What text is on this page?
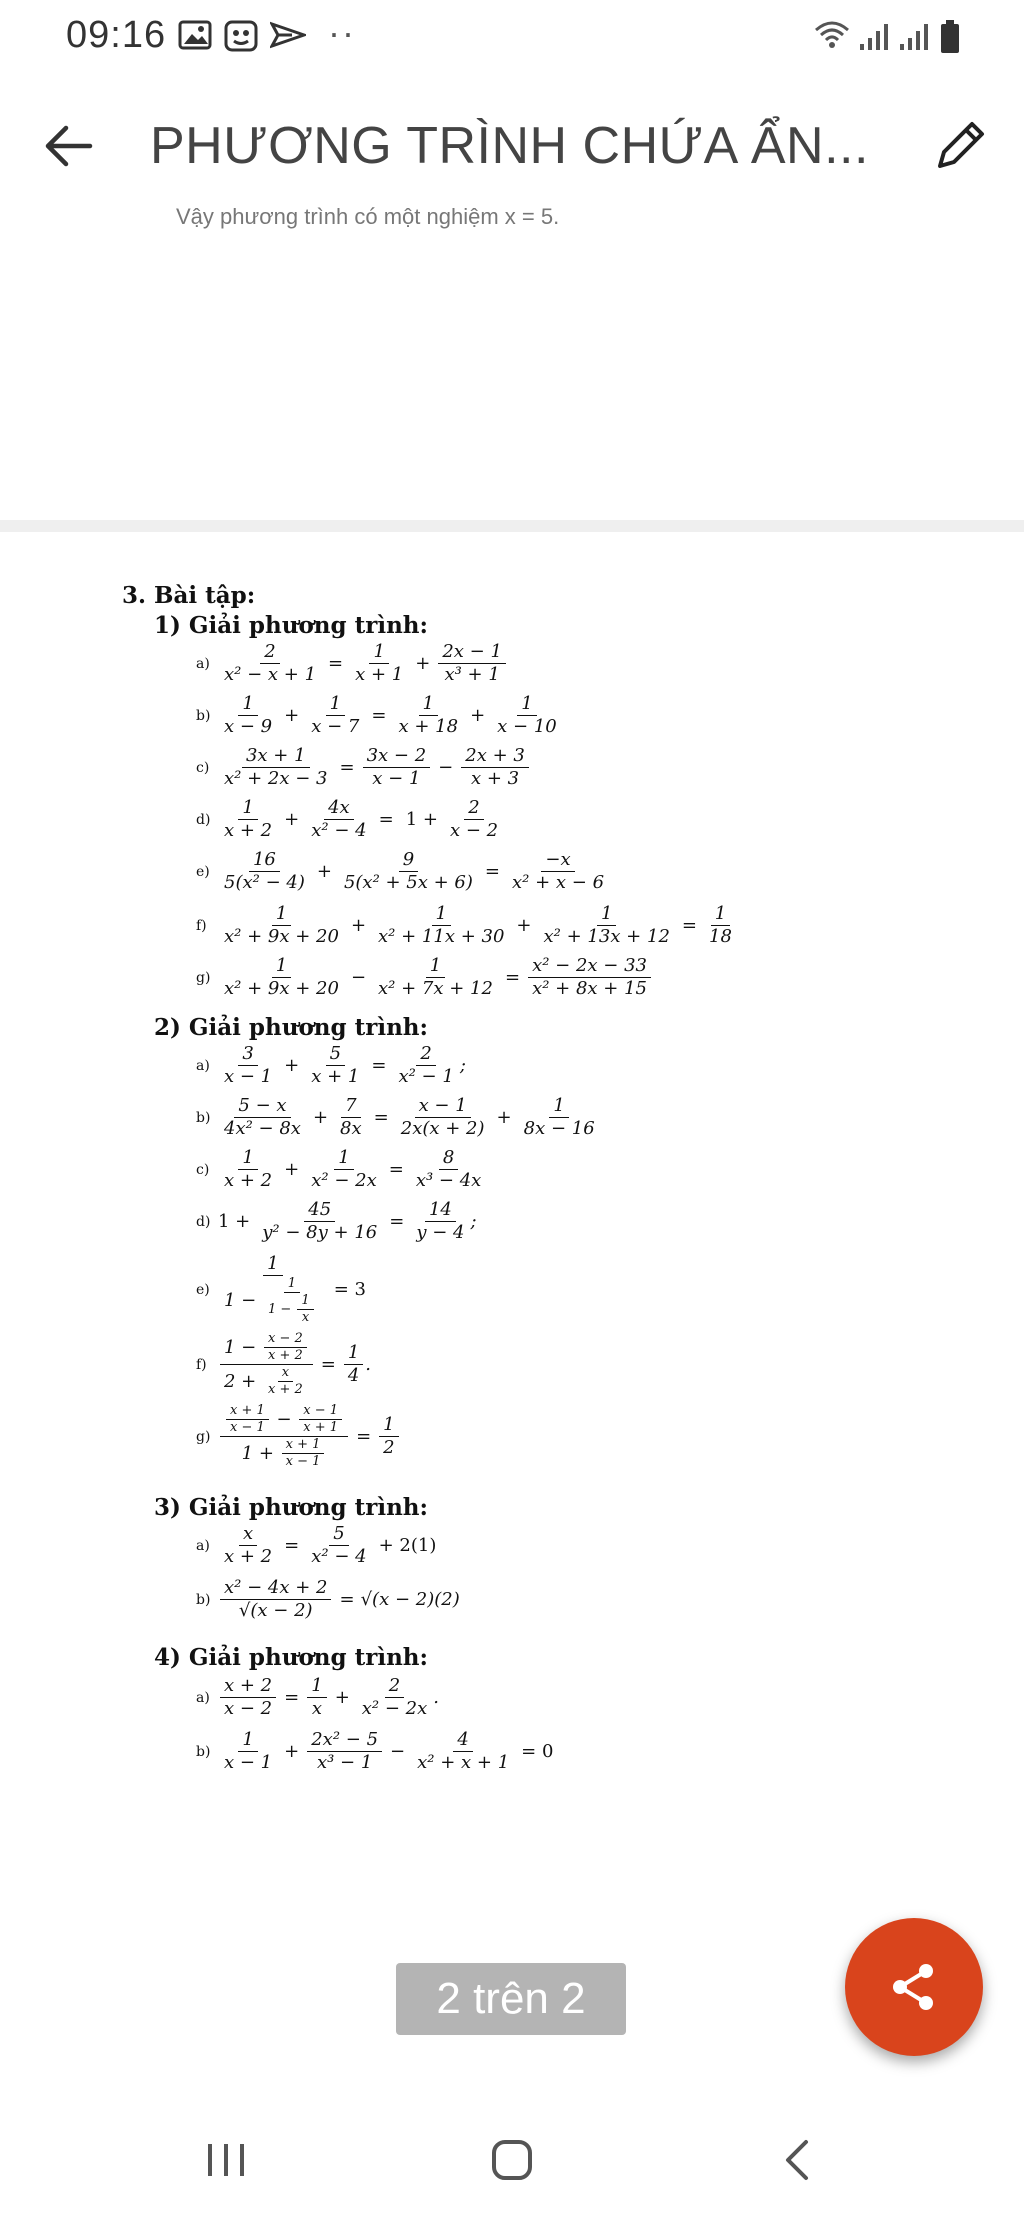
09:16	··
PHƯƠNG TRÌNH CHỨA ẨN...
Vậy phương trình có một nghiệm x = 5.
3. Bài tập:
1) Giải phương trình:
$a) \frac{2}{\text{x² − x + 1}} = \frac{1}{x + 1} + \frac{2x - 1}{\text{x³ + 1}}$
$b) \frac{1}{x - 9} + \frac{1}{x - 7} = \frac{1}{x + 18} + \frac{1}{x - 10}$
$c) \frac{3x + 1}{\text{x² + 2x − 3}} = \frac{3x - 2}{x - 1} - \frac{2x + 3}{x + 3}$
$d) \frac{1}{x + 2} + \frac{4x}{\text{x² − 4}} = 1 + \frac{2}{x - 2}$
$e) \frac{16}{\text{5(x² − 4)}} + \frac{9}{\text{5(x² + 5x + 6)}} = \frac{-x}{\text{x² + x − 6}}$
$f) \frac{1}{\text{x² + 9x + 20}} + \frac{1}{\text{x² + 11x + 30}} + \frac{1}{\text{x² + 13x + 12}} = \frac{1}{18}$
$g) \frac{1}{\text{x² + 9x + 20}} - \frac{1}{\text{x² + 7x + 12}} = \frac{\text{x² − 2x − 33}}{\text{x² + 8x + 15}}$
2) Giải phương trình:
$a) \frac{3}{x - 1} + \frac{5}{x + 1} = \frac{2}{\text{x² − 1}}$ ;
$b) \frac{5 - x}{\text{4x² − 8x}} + \frac{7}{8x} = \frac{x - 1}{2x(x + 2)} + \frac{1}{8x - 16}$
$c) \frac{1}{x + 2} + \frac{1}{\text{x² − 2x}} = \frac{8}{\text{x³ − 4x}}$
d) $1 + \frac{45}{\text{y² − 8y + 16}} = \frac{14}{y - 4}$ ;
$e) \frac{1}{1 - \frac{1}{1 - \frac{1}{x}}} = 3$
$f) \frac{1 - \frac{x - 2}{x + 2}}{2 + \frac{x}{x + 2}} = \frac{1}{4}$ .
$g) \frac{\frac{x + 1}{x - 1} - \frac{x - 1}{x + 1}}{1 + \frac{x + 1}{x - 1}} = \frac{1}{2}$
3) Giải phương trình:
$a) \frac{x}{x + 2} = \frac{5}{\text{x² − 4}} + 2(1)$
$b) \frac{\text{x² − 4x + 2}}{√(x - 2)} = √(x - 2)(2)$
4) Giải phương trình:
$a) \frac{x + 2}{x - 2} = \frac{1}{x} + \frac{2}{\text{x² − 2x}}$ .
$b) \frac{1}{x - 1} + \frac{\text{2x² − 5}}{\text{x³ − 1}} - \frac{4}{\text{x² + x + 1}} = 0$
2 trên 2
